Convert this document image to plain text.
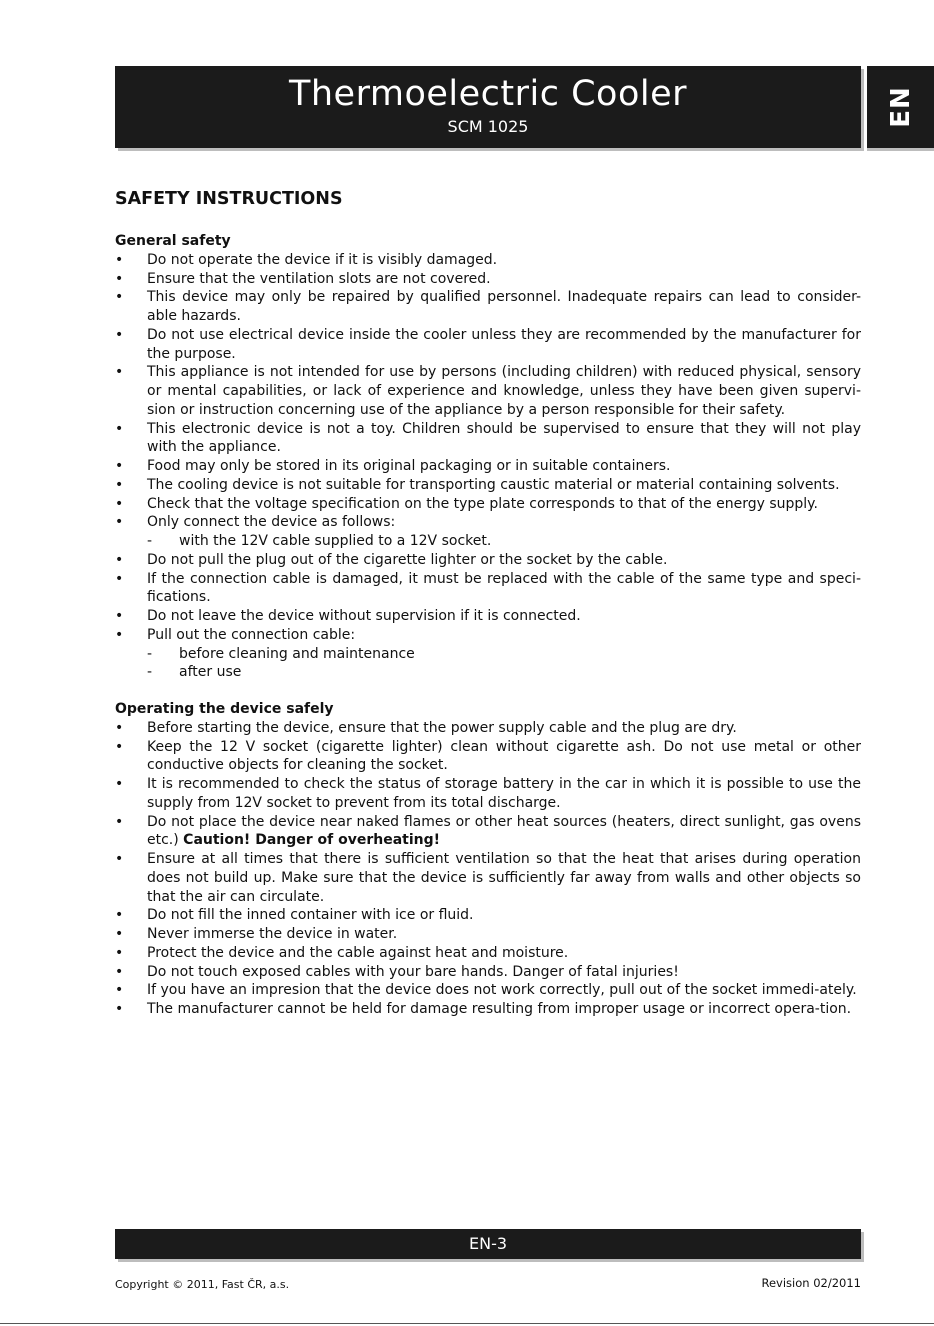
Thermoelectric Cooler
SCM 1025	EN
SAFETY INSTRUCTIONS
General safety
• Do not operate the device if it is visibly damaged.
• Ensure that the ventilation slots are not covered.
• This device may only be repaired by qualified personnel. Inadequate repairs can lead to consider-able hazards.
• Do not use electrical device inside the cooler unless they are recommended by the manufacturer for the purpose.
• This appliance is not intended for use by persons (including children) with reduced physical, sensory or mental capabilities, or lack of experience and knowledge, unless they have been given supervi-sion or instruction concerning use of the appliance by a person responsible for their safety.
• This electronic device is not a toy. Children should be supervised to ensure that they will not play with the appliance.
• Food may only be stored in its original packaging or in suitable containers.
• The cooling device is not suitable for transporting caustic material or material containing solvents.
• Check that the voltage specification on the type plate corresponds to that of the energy supply.
• Only connect the device as follows:
- with the 12V cable supplied to a 12V socket.
• Do not pull the plug out of the cigarette lighter or the socket by the cable.
• If the connection cable is damaged, it must be replaced with the cable of the same type and speci-fications.
• Do not leave the device without supervision if it is connected.
• Pull out the connection cable:
- before cleaning and maintenance
- after use
Operating the device safely
• Before starting the device, ensure that the power supply cable and the plug are dry.
• Keep the 12 V socket (cigarette lighter) clean without cigarette ash. Do not use metal or other conductive objects for cleaning the socket.
• It is recommended to check the status of storage battery in the car in which it is possible to use the supply from 12V socket to prevent from its total discharge.
• Do not place the device near naked flames or other heat sources (heaters, direct sunlight, gas ovens etc.) Caution! Danger of overheating!
• Ensure at all times that there is sufficient ventilation so that the heat that arises during operation does not build up. Make sure that the device is sufficiently far away from walls and other objects so that the air can circulate.
• Do not fill the inned container with ice or fluid.
• Never immerse the device in water.
• Protect the device and the cable against heat and moisture.
• Do not touch exposed cables with your bare hands. Danger of fatal injuries!
• If you have an impresion that the device does not work correctly, pull out of the socket immedi-ately.
• The manufacturer cannot be held for damage resulting from improper usage or incorrect opera-tion.
EN-3
Copyright © 2011, Fast ČR, a.s.	Revision 02/2011
